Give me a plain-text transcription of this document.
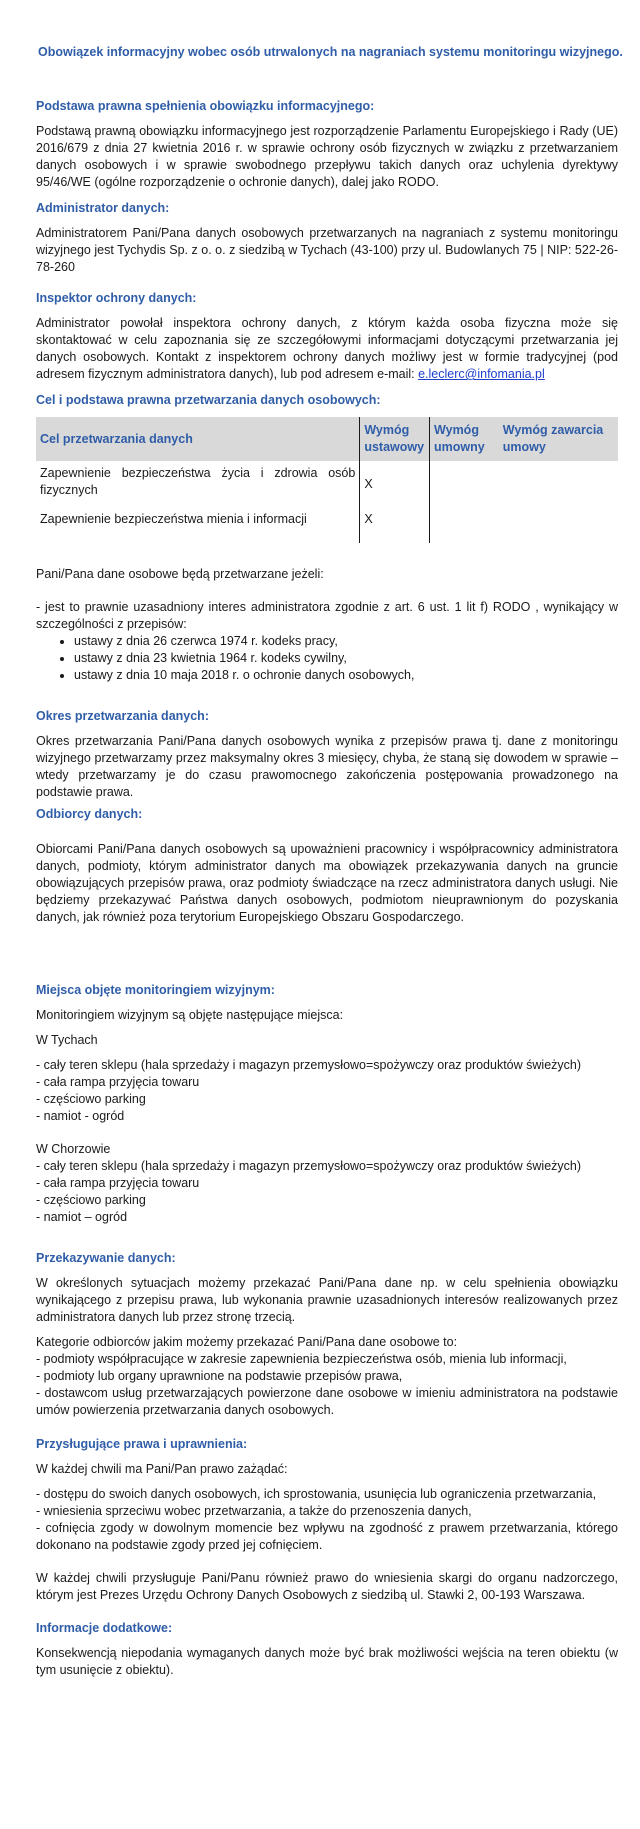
Obowiązek informacyjny wobec osób utrwalonych na nagraniach systemu monitoringu wizyjnego.

Podstawa prawna spełnienia obowiązku informacyjnego:

Podstawą prawną obowiązku informacyjnego jest rozporządzenie Parlamentu Europejskiego i Rady (UE) 2016/679 z dnia 27 kwietnia 2016 r. w sprawie ochrony osób fizycznych w związku z przetwarzaniem danych osobowych i w sprawie swobodnego przepływu takich danych oraz uchylenia dyrektywy 95/46/WE (ogólne rozporządzenie o ochronie danych), dalej jako RODO.

Administrator danych:

Administratorem Pani/Pana danych osobowych przetwarzanych na nagraniach z systemu monitoringu wizyjnego jest Tychydis Sp. z o. o. z siedzibą w Tychach (43-100) przy ul. Budowlanych 75 | NIP: 522-26-78-260

Inspektor ochrony danych:

Administrator powołał inspektora ochrony danych, z którym każda osoba fizyczna może się skontaktować w celu zapoznania się ze szczegółowymi informacjami dotyczącymi przetwarzania jej danych osobowych. Kontakt z inspektorem ochrony danych możliwy jest w formie tradycyjnej (pod adresem fizycznym administratora danych), lub pod adresem e-mail: e.leclerc@infomania.pl

Cel i podstawa prawna przetwarzania danych osobowych:

Cel przetwarzania danych	Wymóg ustawowy	Wymóg umowny	Wymóg zawarcia umowy
Zapewnienie bezpieczeństwa życia i zdrowia osób fizycznych	X		
Zapewnienie bezpieczeństwa mienia i informacji	X		

Pani/Pana dane osobowe będą przetwarzane jeżeli:

- jest to prawnie uzasadniony interes administratora zgodnie z art. 6 ust. 1 lit f) RODO , wynikający w szczególności z przepisów:

• ustawy z dnia 26 czerwca 1974 r. kodeks pracy,
• ustawy z dnia 23 kwietnia 1964 r. kodeks cywilny,
• ustawy z dnia 10 maja 2018 r. o ochronie danych osobowych,

Okres przetwarzania danych:

Okres przetwarzania Pani/Pana danych osobowych wynika z przepisów prawa tj. dane z monitoringu wizyjnego przetwarzamy przez maksymalny okres 3 miesięcy, chyba, że staną się dowodem w sprawie – wtedy przetwarzamy je do czasu prawomocnego zakończenia postępowania prowadzonego na podstawie prawa.

Odbiorcy danych:

Obiorcami Pani/Pana danych osobowych są upoważnieni pracownicy i współpracownicy administratora danych, podmioty, którym administrator danych ma obowiązek przekazywania danych na gruncie obowiązujących przepisów prawa, oraz podmioty świadczące na rzecz administratora danych usługi. Nie będziemy przekazywać Państwa danych osobowych, podmiotom nieuprawnionym do pozyskania danych, jak również poza terytorium Europejskiego Obszaru Gospodarczego.

Miejsca objęte monitoringiem wizyjnym:

Monitoringiem wizyjnym są objęte następujące miejsca:

W Tychach

- cały teren sklepu (hala sprzedaży i magazyn przemysłowo=spożywczy oraz produktów świeżych)

- cała rampa przyjęcia towaru

- częściowo parking

- namiot - ogród

W Chorzowie

- cały teren sklepu (hala sprzedaży i magazyn przemysłowo=spożywczy oraz produktów świeżych)

- cała rampa przyjęcia towaru

- częściowo parking

- namiot – ogród

Przekazywanie danych:

W określonych sytuacjach możemy przekazać Pani/Pana dane np. w celu spełnienia obowiązku wynikającego z przepisu prawa, lub wykonania prawnie uzasadnionych interesów realizowanych przez administratora danych lub przez stronę trzecią.

Kategorie odbiorców jakim możemy przekazać Pani/Pana dane osobowe to:

- podmioty współpracujące w zakresie zapewnienia bezpieczeństwa osób, mienia lub informacji,

- podmioty lub organy uprawnione na podstawie przepisów prawa,

- dostawcom usług przetwarzających powierzone dane osobowe w imieniu administratora na podstawie umów powierzenia przetwarzania danych osobowych.

Przysługujące prawa i uprawnienia:

W każdej chwili ma Pani/Pan prawo zażądać:

- dostępu do swoich danych osobowych, ich sprostowania, usunięcia lub ograniczenia przetwarzania,

- wniesienia sprzeciwu wobec przetwarzania, a także do przenoszenia danych,

- cofnięcia zgody w dowolnym momencie bez wpływu na zgodność z prawem przetwarzania, którego dokonano na podstawie zgody przed jej cofnięciem.

W każdej chwili przysługuje Pani/Panu również prawo do wniesienia skargi do organu nadzorczego, którym jest Prezes Urzędu Ochrony Danych Osobowych z siedzibą ul. Stawki 2, 00-193 Warszawa.

Informacje dodatkowe:

Konsekwencją niepodania wymaganych danych może być brak możliwości wejścia na teren obiektu (w tym usunięcie z obiektu).
